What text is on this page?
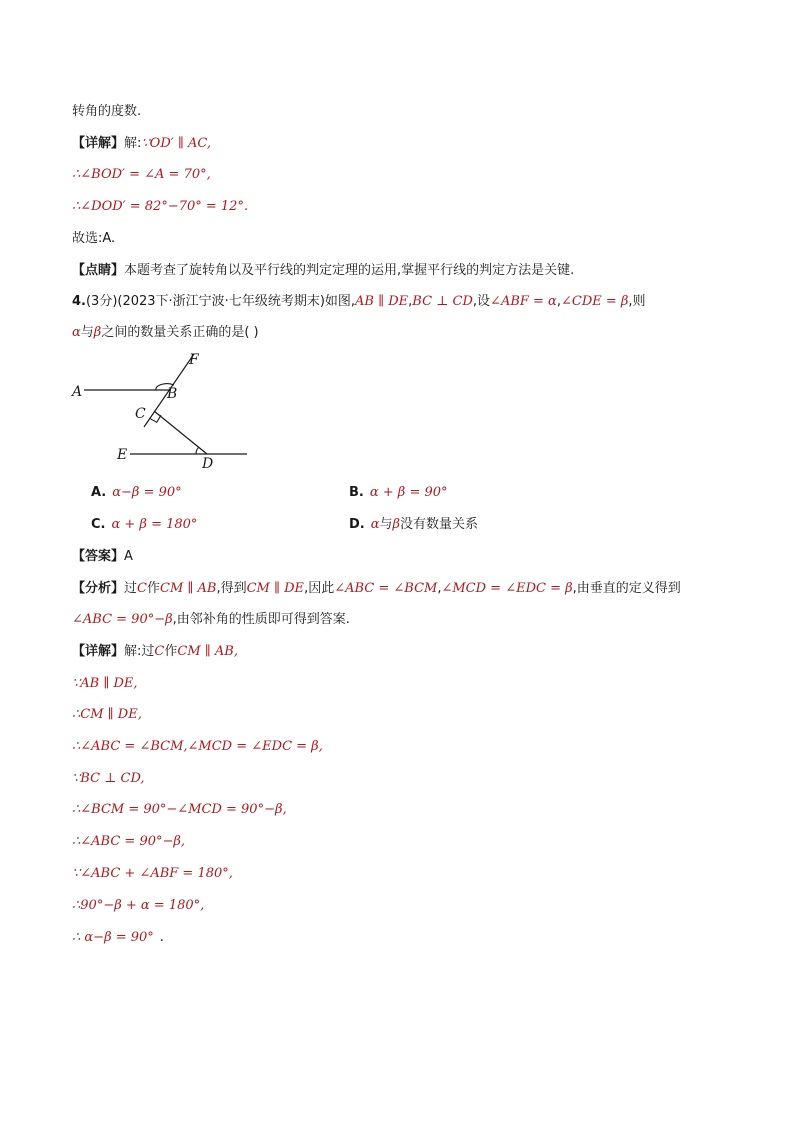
转角的度数.
【详解】解:∵OD′ ∥ AC,
∴∠BOD′ = ∠A = 70°,
∴∠DOD′ = 82°−70° = 12°.
故选:A.
【点睛】本题考查了旋转角以及平行线的判定定理的运用,掌握平行线的判定方法是关键.
4.(3分)(2023下·浙江宁波·七年级统考期末)如图,AB ∥ DE,BC ⊥ CD,设∠ABF = α,∠CDE = β,则
α与β之间的数量关系正确的是( )
A	B
C
D
E
F
A. α−β = 90°	B. α + β = 90°
C. α + β = 180°	D. α与β没有数量关系
【答案】A
【分析】过C作CM ∥ AB,得到CM ∥ DE,因此∠ABC = ∠BCM,∠MCD = ∠EDC = β,由垂直的定义得到
∠ABC = 90°−β,由邻补角的性质即可得到答案.
【详解】解:过C作CM ∥ AB,
∵AB ∥ DE,
∴CM ∥ DE,
∴∠ABC = ∠BCM,∠MCD = ∠EDC = β,
∵BC ⊥ CD,
∴∠BCM = 90°−∠MCD = 90°−β,
∴∠ABC = 90°−β,
∵∠ABC + ∠ABF = 180°,
∴90°−β + α = 180°,
∴ α−β = 90° .
